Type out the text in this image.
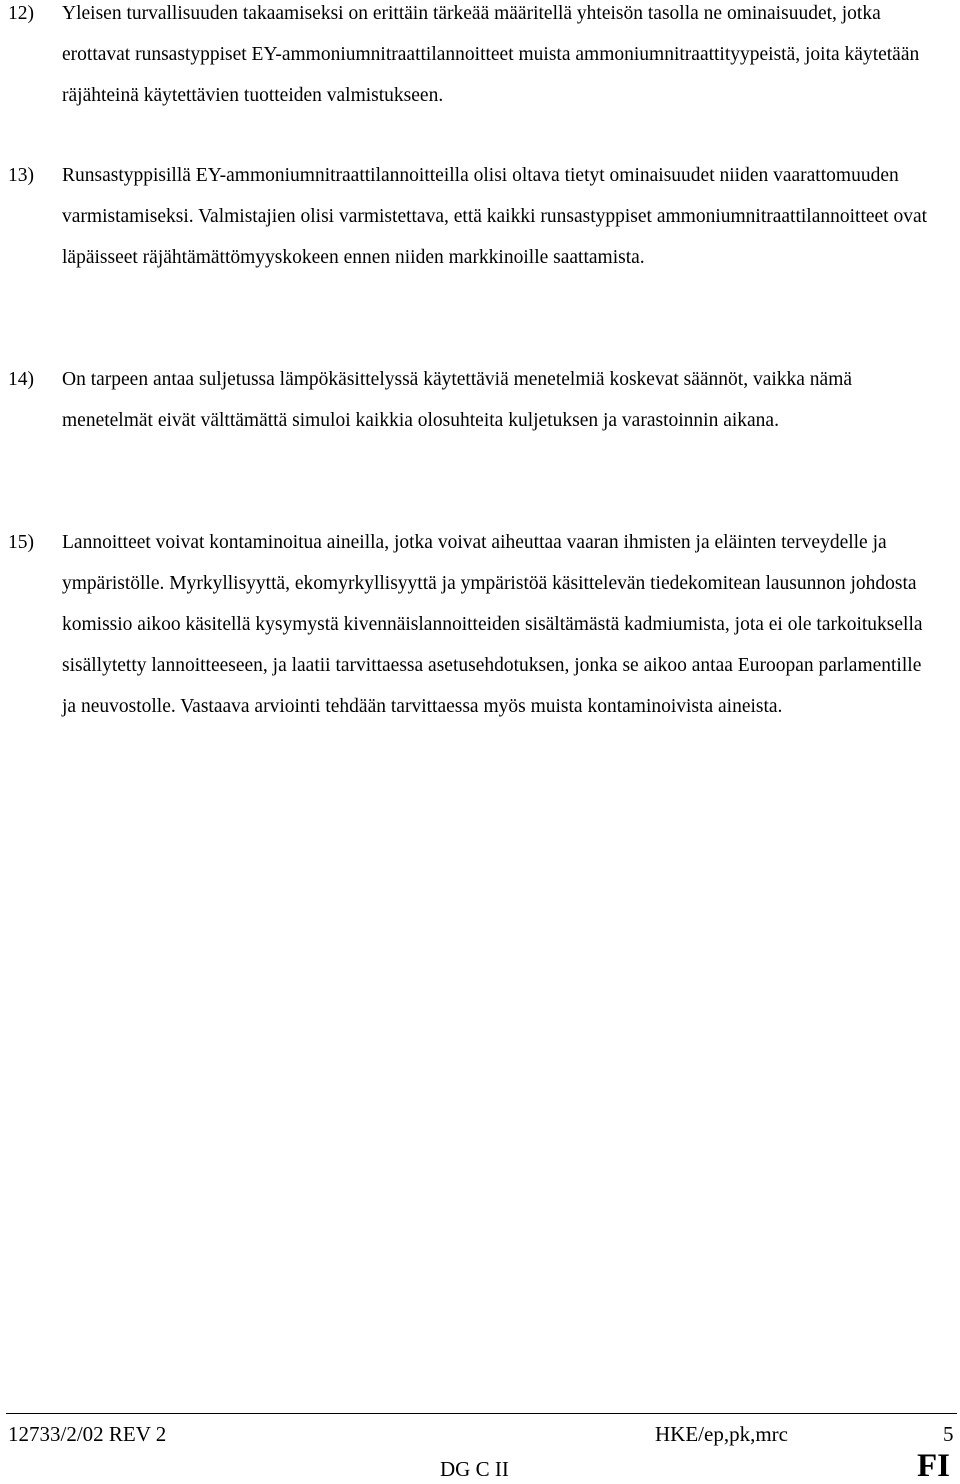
12) Yleisen turvallisuuden takaamiseksi on erittäin tärkeää määritellä yhteisön tasolla ne ominaisuudet, jotka erottavat runsastyppiset EY-ammoniumnitraattilannoitteet muista ammoniumnitraattityypeistä, joita käytetään räjähteinä käytettävien tuotteiden valmistukseen.
13) Runsastyppisillä EY-ammoniumnitraattilannoitteilla olisi oltava tietyt ominaisuudet niiden vaarattomuuden varmistamiseksi. Valmistajien olisi varmistettava, että kaikki runsastyppiset ammoniumnitraattilannoitteet ovat läpäisseet räjähtämättömyyskokeen ennen niiden markkinoille saattamista.
14) On tarpeen antaa suljetussa lämpökäsittelyssä käytettäviä menetelmiä koskevat säännöt, vaikka nämä menetelmät eivät välttämättä simuloi kaikkia olosuhteita kuljetuksen ja varastoinnin aikana.
15) Lannoitteet voivat kontaminoitua aineilla, jotka voivat aiheuttaa vaaran ihmisten ja eläinten terveydelle ja ympäristölle. Myrkyllisyyttä, ekomyrkyllisyyttä ja ympäristöä käsittelevän tiedekomitean lausunnon johdosta komissio aikoo käsitellä kysymystä kivennäislannoitteiden sisältämästä kadmiumista, jota ei ole tarkoituksella sisällytetty lannoitteeseen, ja laatii tarvittaessa asetusehdotuksen, jonka se aikoo antaa Euroopan parlamentille ja neuvostolle. Vastaava arviointi tehdään tarvittaessa myös muista kontaminoivista aineista.
12733/2/02 REV 2	HKE/ep,pk,mrc	5
DG C II	FI
